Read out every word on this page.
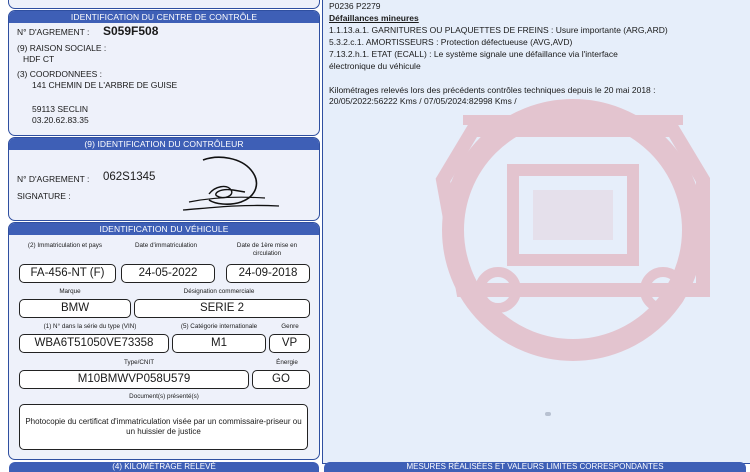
IDENTIFICATION DU CENTRE DE CONTRÔLE
N° D'AGREMENT : S059F508
(9) RAISON SOCIALE :
HDF CT
(3) COORDONNEES :
141 CHEMIN DE L'ARBRE DE GUISE
59113 SECLIN
03.20.62.83.35
(9) IDENTIFICATION DU CONTRÔLEUR
N° D'AGREMENT : 062S1345
SIGNATURE :
IDENTIFICATION DU VÉHICULE
(2) Immatriculation et pays	Date d'immatriculation	Date de 1ère mise en circulation
FA-456-NT (F)	24-05-2022	24-09-2018
Marque	Désignation commerciale
BMW	SERIE 2
(1) N° dans la série du type (VIN)	(5) Catégorie internationale	Genre
WBA6T51050VE73358	M1	VP
Type/CNIT	Énergie
M10BMWVP058U579	GO
Document(s) présenté(s)
Photocopie du certificat d'immatriculation visée par un commissaire-priseur ou un huissier de justice
(4) KILOMÉTRAGE RELEVÉ
P0236 P2279
Défaillances mineures
1.1.13.a.1. GARNITURES OU PLAQUETTES DE FREINS : Usure importante (ARG,ARD)
5.3.2.c.1. AMORTISSEURS : Protection défectueuse (AVG,AVD)
7.13.2.h.1. ETAT (ECALL) : Le système signale une défaillance via l'interface
électronique du véhicule
Kilométrages relevés lors des précédents contrôles techniques depuis le 20 mai 2018 :
20/05/2022:56222 Kms / 07/05/2024:82998 Kms /
MESURES RÉALISÉES ET VALEURS LIMITES CORRESPONDANTES
